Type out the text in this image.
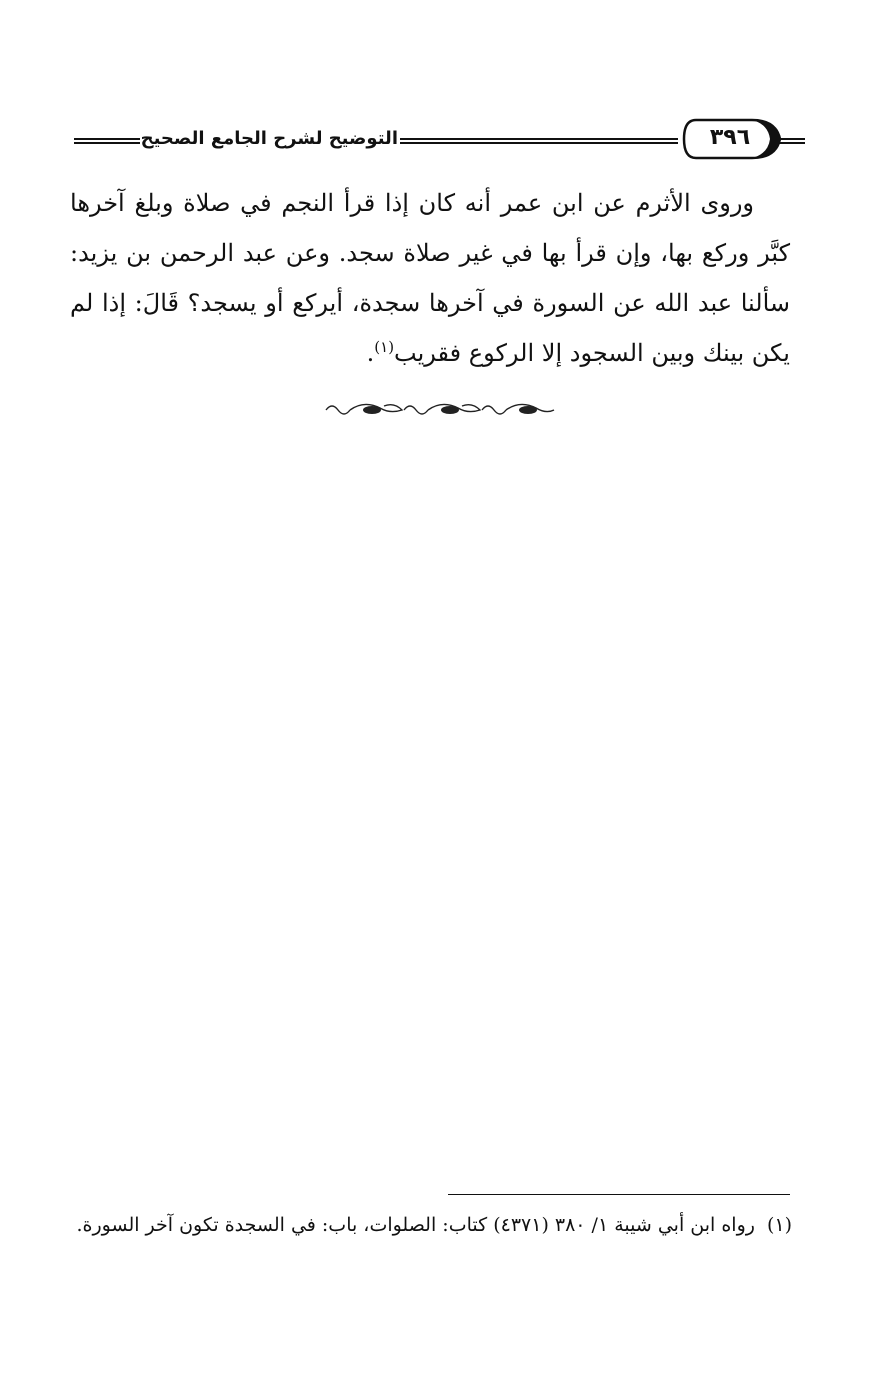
التوضيح لشرح الجامع الصحيح	٣٩٦

وروى الأثرم عن ابن عمر أنه كان إذا قرأ النجم في صلاة وبلغ آخرها كبَّر وركع بها، وإن قرأ بها في غير صلاة سجد. وعن عبد الرحمن بن يزيد: سألنا عبد الله عن السورة في آخرها سجدة، أيركع أو يسجد؟ قَالَ: إذا لم يكن بينك وبين السجود إلا الركوع فقريب$^{(١)}$.

(١)رواه ابن أبي شيبة ١/ ٣٨٠ (٤٣٧١) كتاب: الصلوات، باب: في السجدة تكون آخر السورة.
